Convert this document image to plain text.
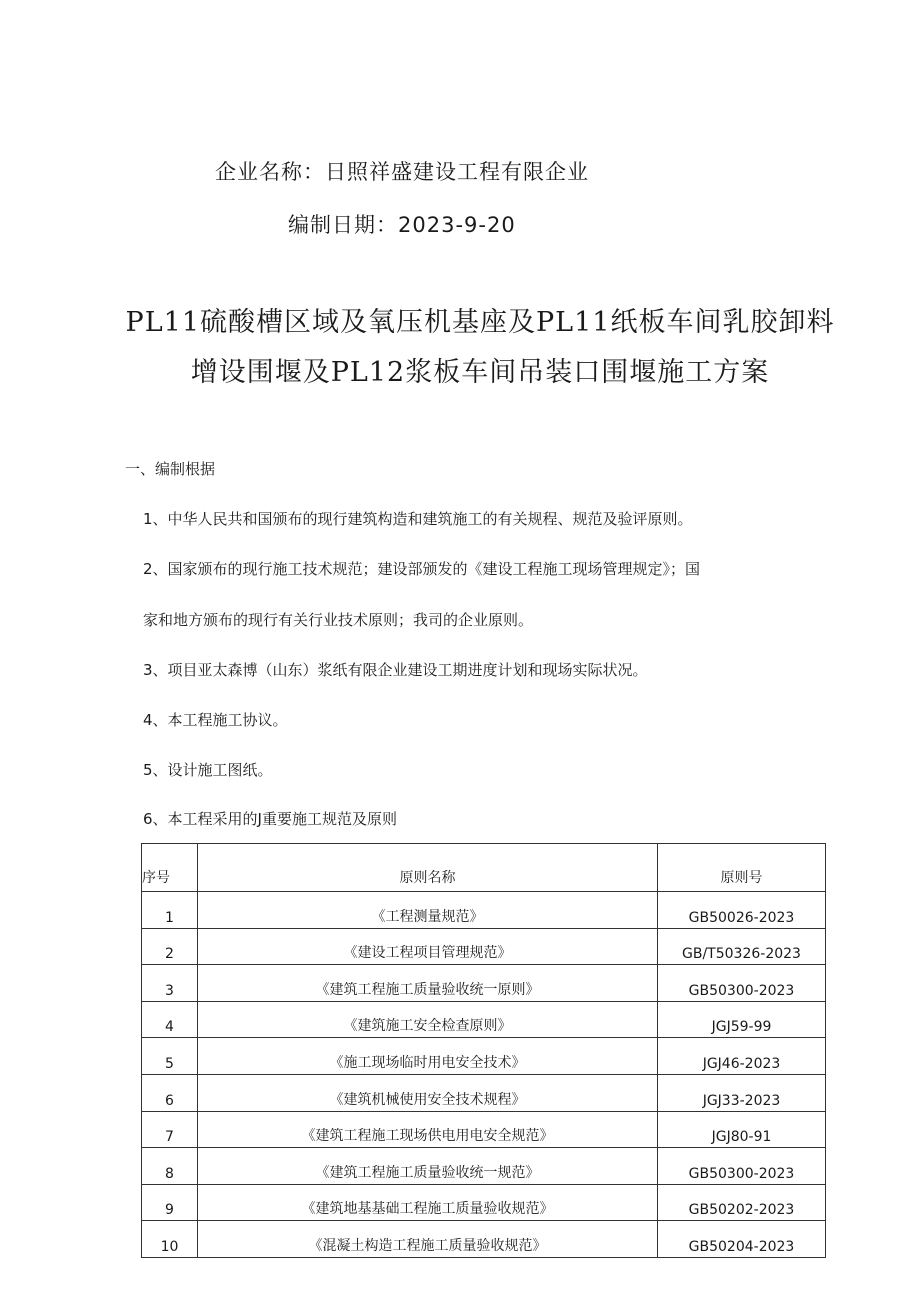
企业名称：日照祥盛建设工程有限企业
编制日期：2023-9-20
PL11硫酸槽区域及氧压机基座及PL11纸板车间乳胶卸料
增设围堰及PL12浆板车间吊装口围堰施工方案
一、编制根据
1、中华人民共和国颁布的现行建筑构造和建筑施工的有关规程、规范及验评原则。
2、国家颁布的现行施工技术规范；建设部颁发的《建设工程施工现场管理规定》；国
家和地方颁布的现行有关行业技术原则；我司的企业原则。
3、项目亚太森博（山东）浆纸有限企业建设工期进度计划和现场实际状况。
4、本工程施工协议。
5、设计施工图纸。
6、本工程采用的J重要施工规范及原则
序号	原则名称	原则号
1	《工程测量规范》	GB50026-2023
2	《建设工程项目管理规范》	GB/T50326-2023
3	《建筑工程施工质量验收统一原则》	GB50300-2023
4	《建筑施工安全检查原则》	JGJ59-99
5	《施工现场临时用电安全技术》	JGJ46-2023
6	《建筑机械使用安全技术规程》	JGJ33-2023
7	《建筑工程施工现场供电用电安全规范》	JGJ80-91
8	《建筑工程施工质量验收统一规范》	GB50300-2023
9	《建筑地基基础工程施工质量验收规范》	GB50202-2023
10	《混凝土构造工程施工质量验收规范》	GB50204-2023
